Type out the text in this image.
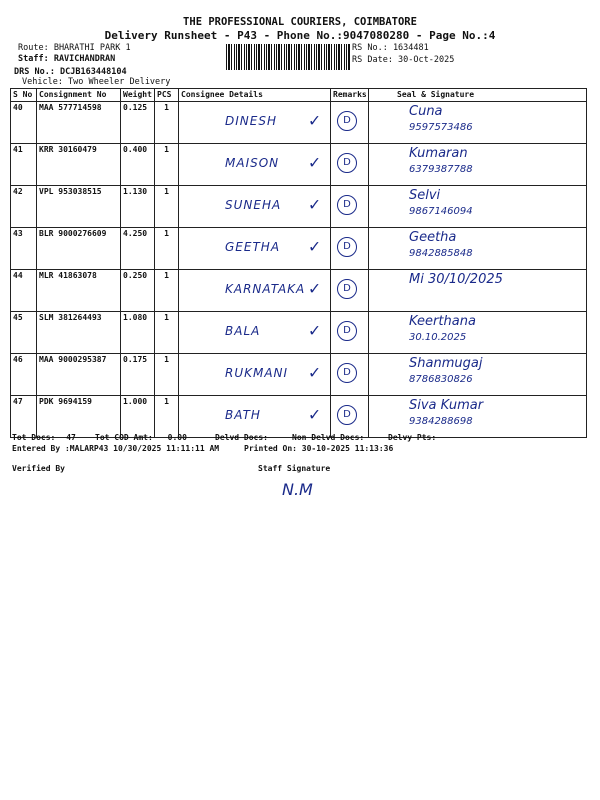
THE PROFESSIONAL COURIERS, COIMBATORE
Delivery Runsheet - P43 - Phone No.:9047080280 - Page No.:4
Route: BHARATHI PARK 1
Staff: RAVICHANDRAN
DRS No.: DCJB163448104
Vehicle: Two Wheeler Delivery
RS No.: 1634481
RS Date: 30-Oct-2025
S No	Consignment No	Weight	PCS	Consignee Details	Remarks	Seal & Signature
40	MAA 577714598	0.125	1	DINESH ✓	D	Cuna
9597573486

41	KRR 30160479	0.400	1	MAISON ✓	D	Kumaran
6379387788

42	VPL 953038515	1.130	1	SUNEHA ✓	D	Selvi
9867146094

43	BLR 9000276609	4.250	1	GEETHA ✓	D	Geetha
9842885848

44	MLR 41863078	0.250	1	KARNATAKA ✓	D	Mi 30/10/2025

45	SLM 381264493	1.080	1	BALA ✓	D	Keerthana
30.10.2025

46	MAA 9000295387	0.175	1	RUKMANI ✓	D	Shanmugaj
8786830826

47	PDK 9694159	1.000	1	BATH ✓	D	Siva Kumar
9384288698
Tot Docs: 47 Tot COD Amt: 0.00	Delvd Docs:	Non Delvd Docs:	Delvy Pts:
Entered By :MALARP43 10/30/2025 11:11:11 AM	Printed On: 30-10-2025 11:13:36
Verified By	Staff Signature
N.M
